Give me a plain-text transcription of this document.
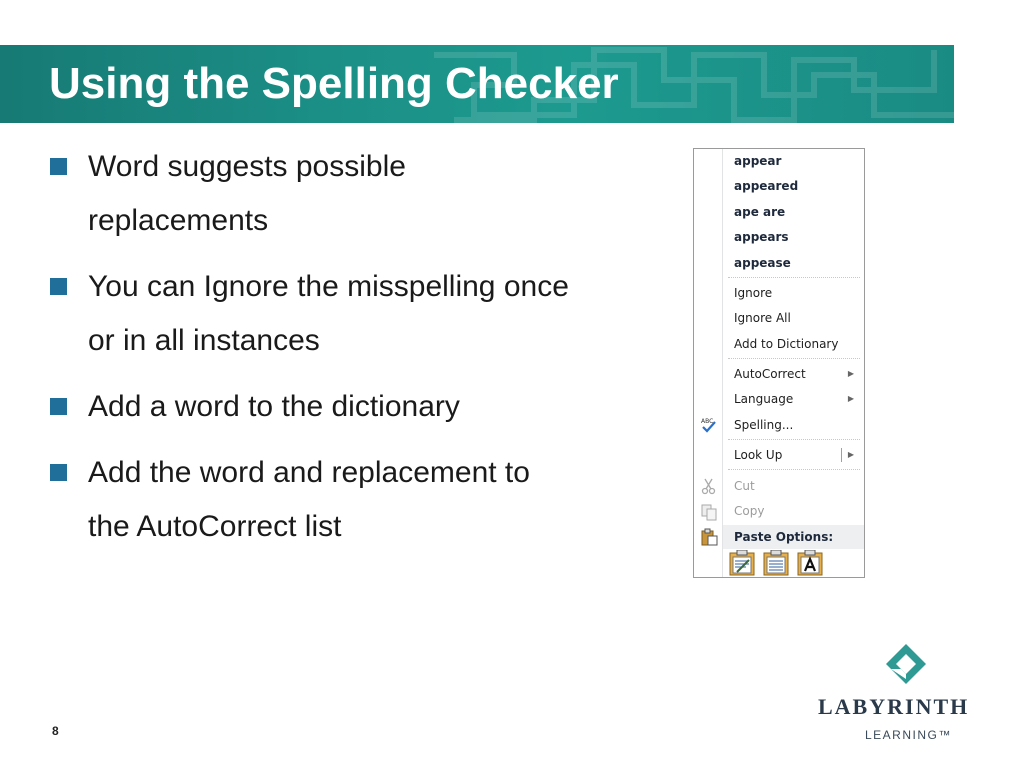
Using the Spelling Checker
Word suggests possible
replacements
You can Ignore the misspelling once
or in all instances
Add a word to the dictionary
Add the word and replacement to
the AutoCorrect list
appear
appeared
ape are
appears
appease
Ignore
Ignore All
Add to Dictionary
AutoCorrect	▶
Language	▶
ABC	Spelling...
Look Up	▶
Cut
Copy
Paste Options:
8
LABYRINTH
LEARNING™
